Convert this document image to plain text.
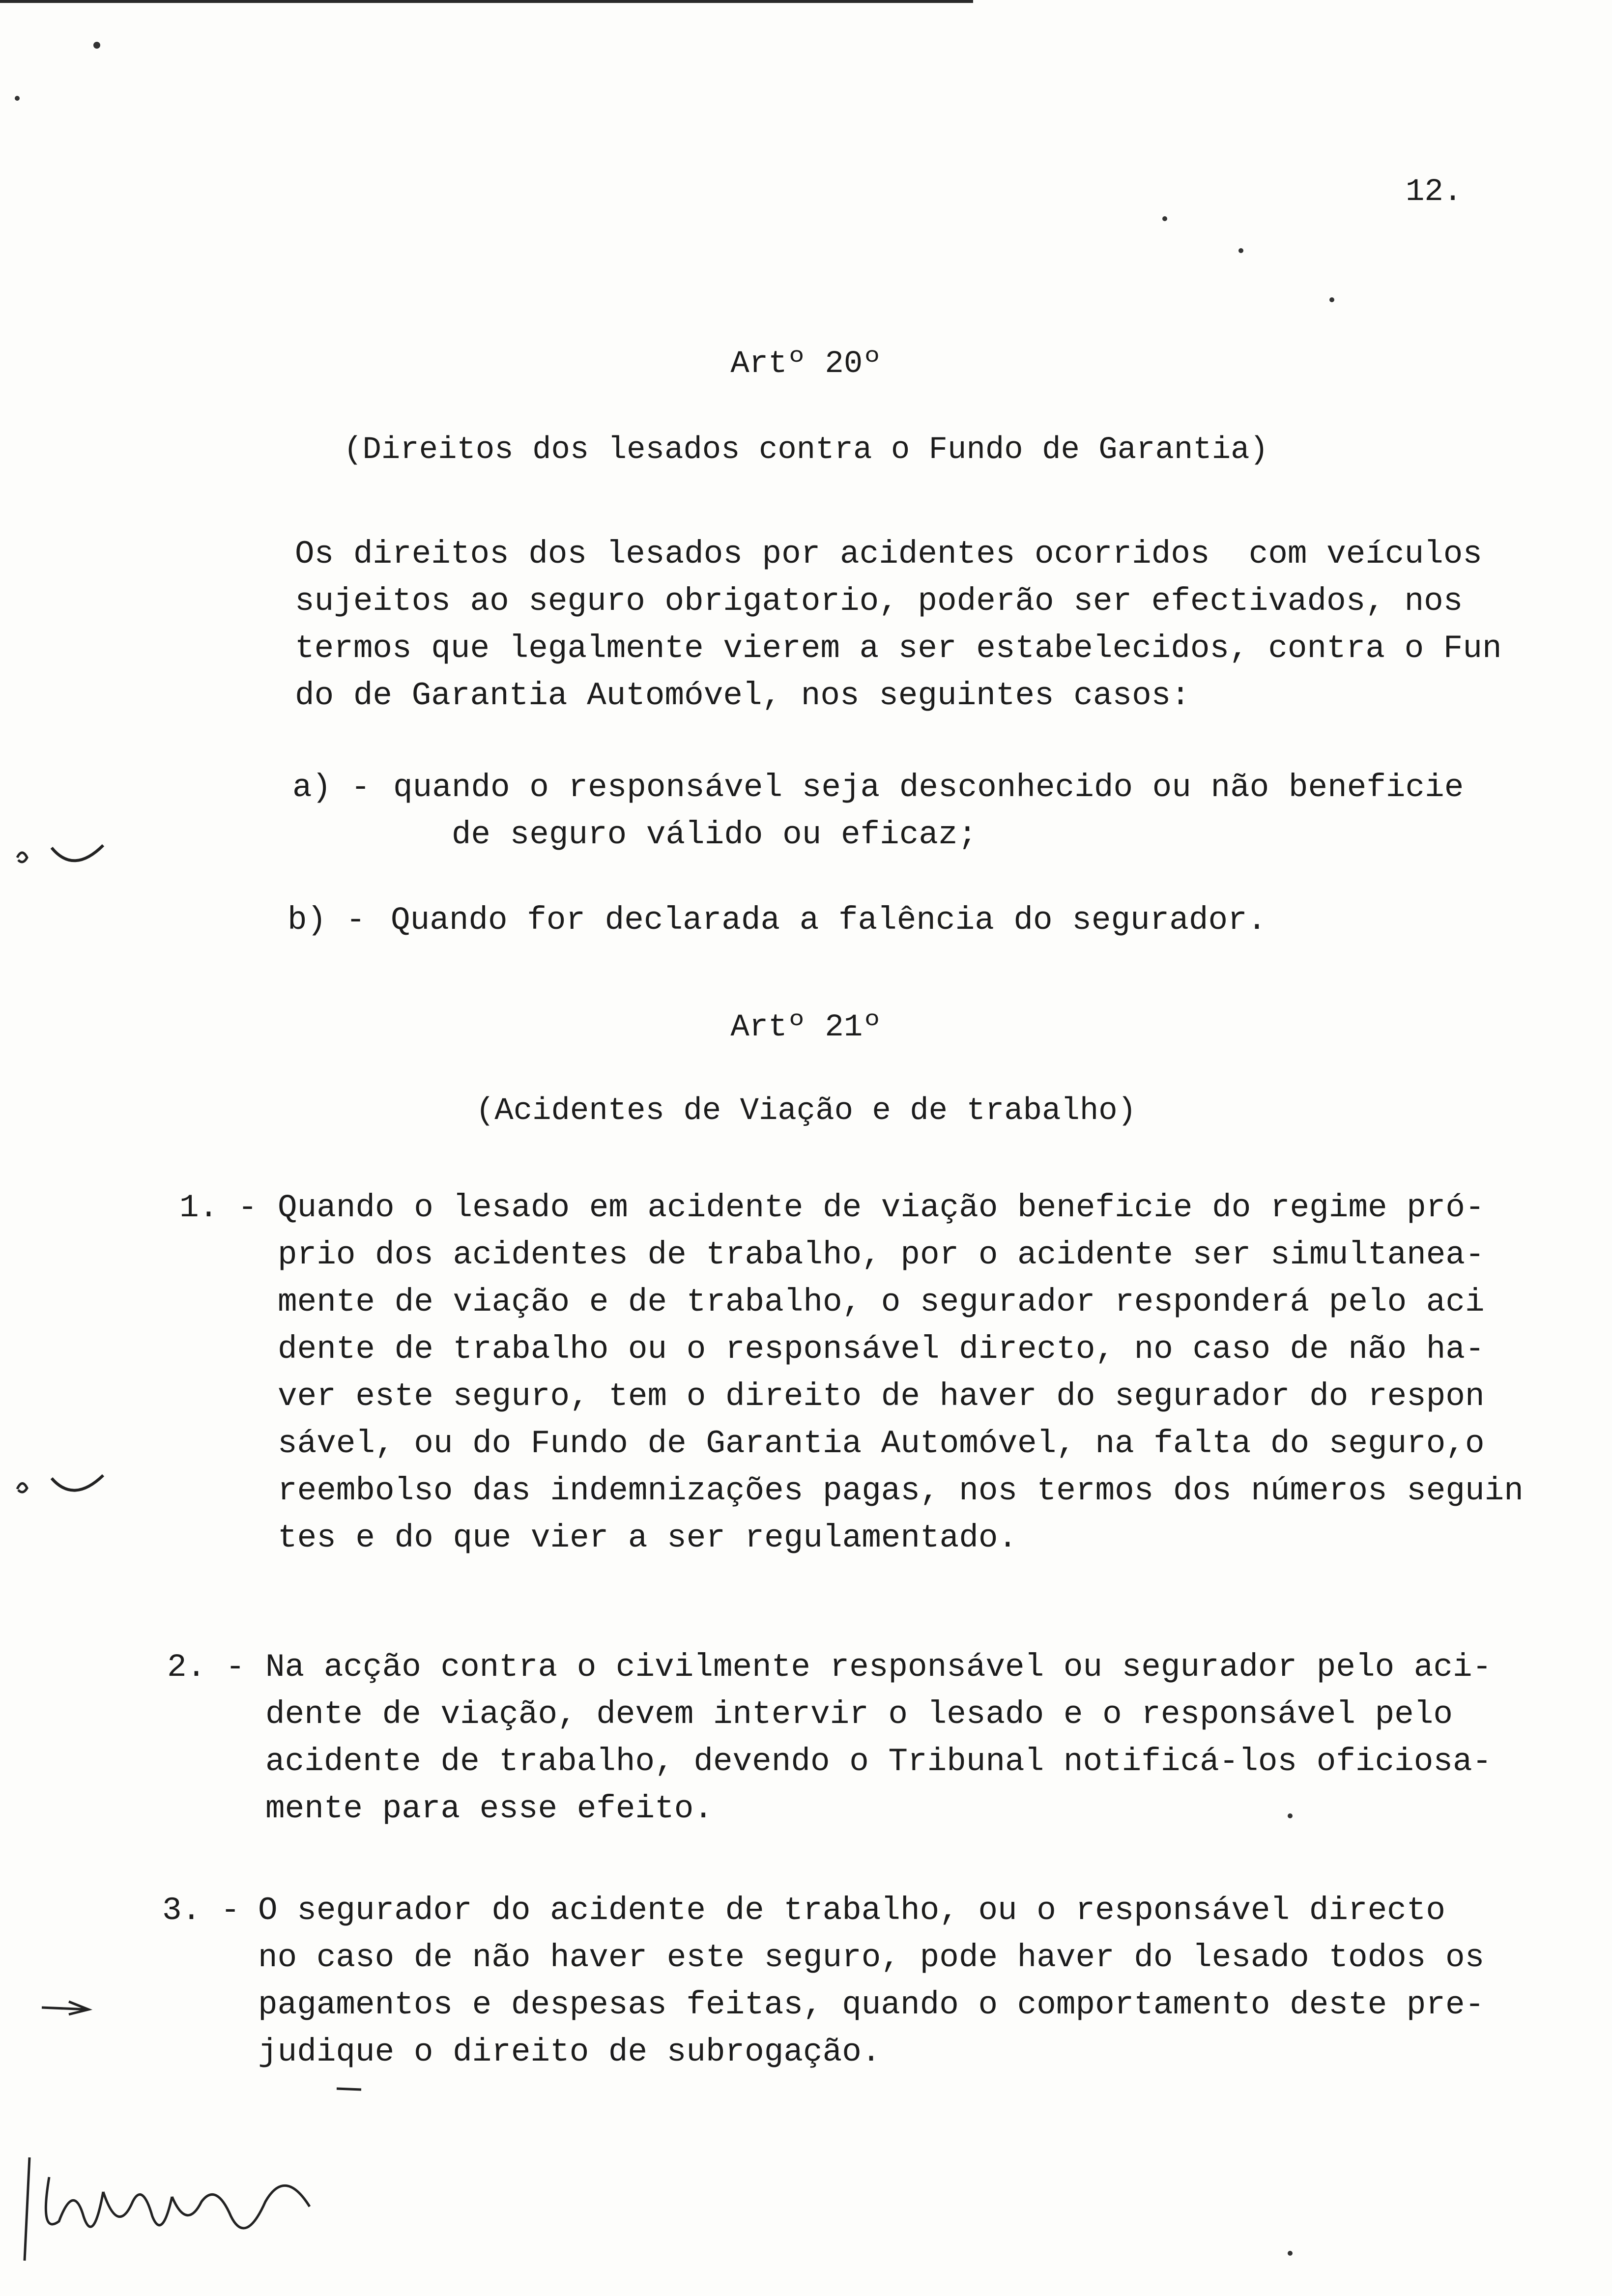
12.
Artº 20º
(Direitos dos lesados contra o Fundo de Garantia)
Os direitos dos lesados por acidentes ocorridos  com veículos
sujeitos ao seguro obrigatorio, poderão ser efectivados, nos
termos que legalmente vierem a ser estabelecidos, contra o Fun
do de Garantia Automóvel, nos seguintes casos:
a) - quando o responsável seja desconhecido ou não beneficie
de seguro válido ou eficaz;
b) - Quando for declarada a falência do segurador.
Artº 21º
(Acidentes de Viação e de trabalho)
1. - Quando o lesado em acidente de viação beneficie do regime pró-
prio dos acidentes de trabalho, por o acidente ser simultanea-
mente de viação e de trabalho, o segurador responderá pelo aci
dente de trabalho ou o responsável directo, no caso de não ha-
ver este seguro, tem o direito de haver do segurador do respon
sável, ou do Fundo de Garantia Automóvel, na falta do seguro,o
reembolso das indemnizações pagas, nos termos dos números seguin
tes e do que vier a ser regulamentado.
2. - Na acção contra o civilmente responsável ou segurador pelo aci-
dente de viação, devem intervir o lesado e o responsável pelo
acidente de trabalho, devendo o Tribunal notificá-los oficiosa-
mente para esse efeito.
3. - O segurador do acidente de trabalho, ou o responsável directo
no caso de não haver este seguro, pode haver do lesado todos os
pagamentos e despesas feitas, quando o comportamento deste pre-
judique o direito de subrogação.
